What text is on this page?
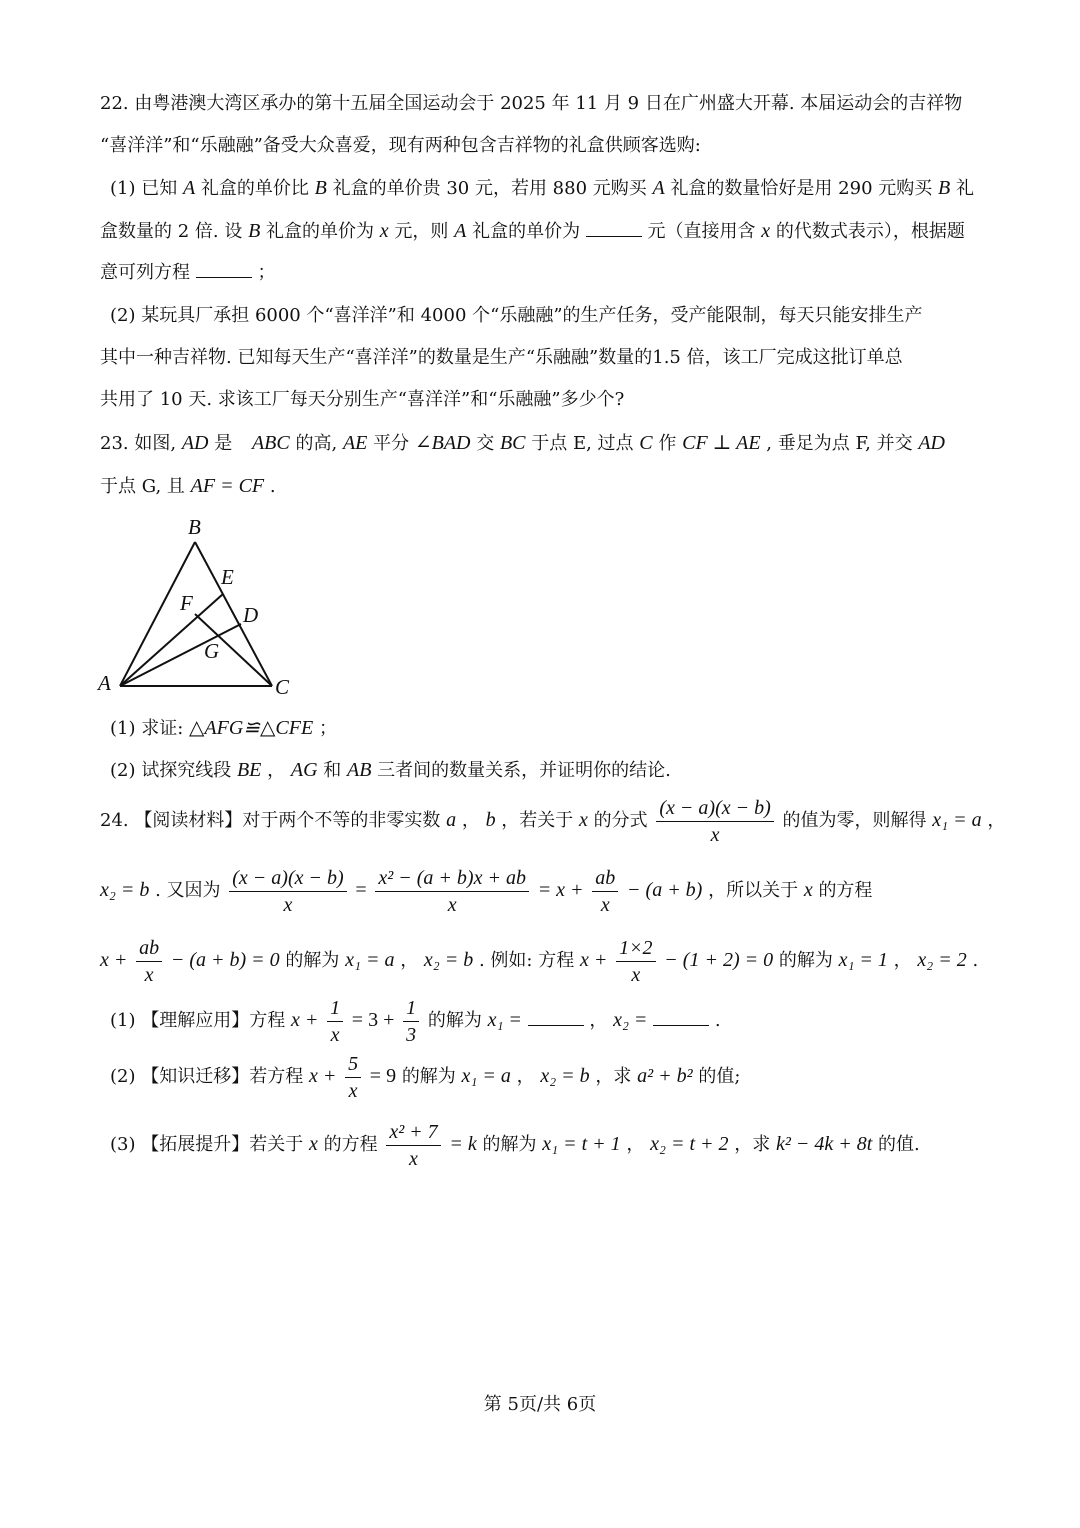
22. 由粤港澳大湾区承办的第十五届全国运动会于 2025 年 11 月 9 日在广州盛大开幕. 本届运动会的吉祥物
“喜洋洋”和“乐融融”备受大众喜爱，现有两种包含吉祥物的礼盒供顾客选购:
(1) 已知 A 礼盒的单价比 B 礼盒的单价贵 30 元，若用 880 元购买 A 礼盒的数量恰好是用 290 元购买 B 礼
盒数量的 2 倍. 设 B 礼盒的单价为 x 元，则 A 礼盒的单价为	元（直接用含 x 的代数式表示），根据题
意可列方程	；
(2) 某玩具厂承担 6000 个“喜洋洋”和 4000 个“乐融融”的生产任务，受产能限制，每天只能安排生产
其中一种吉祥物. 已知每天生产“喜洋洋”的数量是生产“乐融融”数量的1.5 倍，该工厂完成这批订单总
共用了 10 天. 求该工厂每天分别生产“喜洋洋”和“乐融融”多少个?
23. 如图, AD 是 ABC 的高, AE 平分 ∠BAD 交 BC 于点 E, 过点 C 作 CF ⊥ AE , 垂足为点 F, 并交 AD
于点 G, 且 AF = CF .
B
E
F D
G
A	C
(1) 求证: △AFG≌△CFE ；
(2) 试探究线段 BE ， AG 和 AB 三者间的数量关系，并证明你的结论.
24. 【阅读材料】对于两个不等的非零实数 a ， b ，若关于 x 的分式 $\frac{(x - a)(x - b)}{x}$ 的值为零，则解得 x₁ = a ，
x₂ = b . 又因为 $\frac{(x - a)(x - b)}{x} = \frac{\text{x² − (a + b)x + ab}}{x} = x + \frac{ab}{x} - (a + b)$ ，所以关于 x 的方程
$x + \frac{ab}{x} - (a + b) = 0$ 的解为 x₁ = a ， x₂ = b . 例如: 方程 $x + \frac{1\times 2}{x} - (1 + 2) = 0$ 的解为 x₁ = 1 ， x₂ = 2 .
(1) 【理解应用】方程 $x + \frac{1}{x} = 3 + \frac{1}{3}$ 的解为 x₁ =	， x₂ =	.
(2) 【知识迁移】若方程 $x + \frac{5}{x} = 9$ 的解为 x₁ = a ， x₂ = b ，求 a² + b² 的值;
(3) 【拓展提升】若关于 x 的方程 $\frac{\text{x² + 7}}{x} = k$ 的解为 x₁ = t + 1 ， x₂ = t + 2 ，求 k² − 4k + 8t 的值.
第 5页/共 6页
